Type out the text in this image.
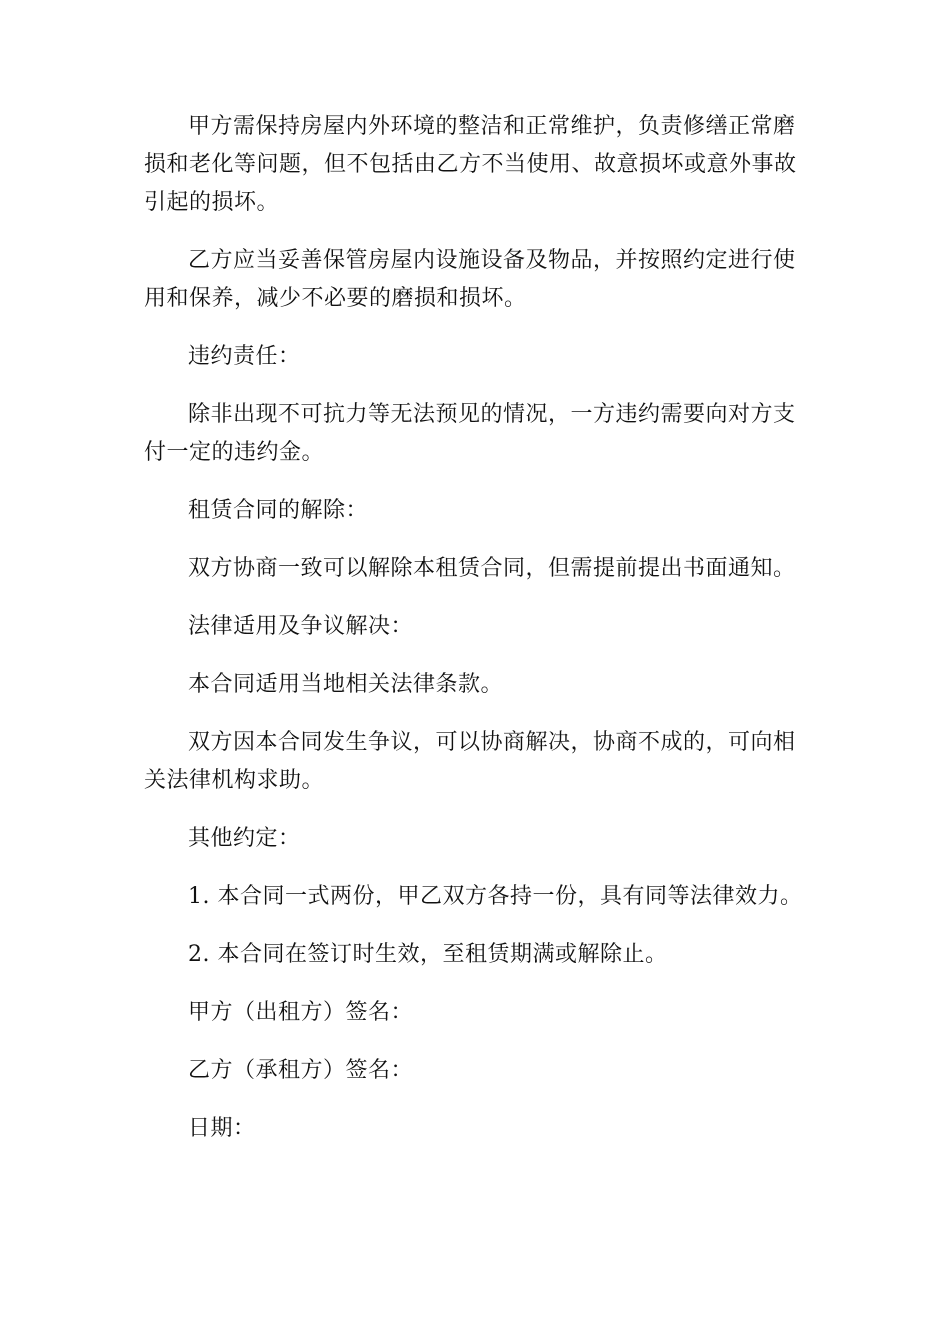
甲方需保持房屋内外环境的整洁和正常维护，负责修缮正常磨损和老化等问题，但不包括由乙方不当使用、故意损坏或意外事故引起的损坏。

乙方应当妥善保管房屋内设施设备及物品，并按照约定进行使用和保养，减少不必要的磨损和损坏。

违约责任：

除非出现不可抗力等无法预见的情况，一方违约需要向对方支付一定的违约金。

租赁合同的解除：

双方协商一致可以解除本租赁合同，但需提前提出书面通知。

法律适用及争议解决：

本合同适用当地相关法律条款。

双方因本合同发生争议，可以协商解决，协商不成的，可向相关法律机构求助。

其他约定：

1. 本合同一式两份，甲乙双方各持一份，具有同等法律效力。

2. 本合同在签订时生效，至租赁期满或解除止。

甲方（出租方）签名：

乙方（承租方）签名：

日期：
